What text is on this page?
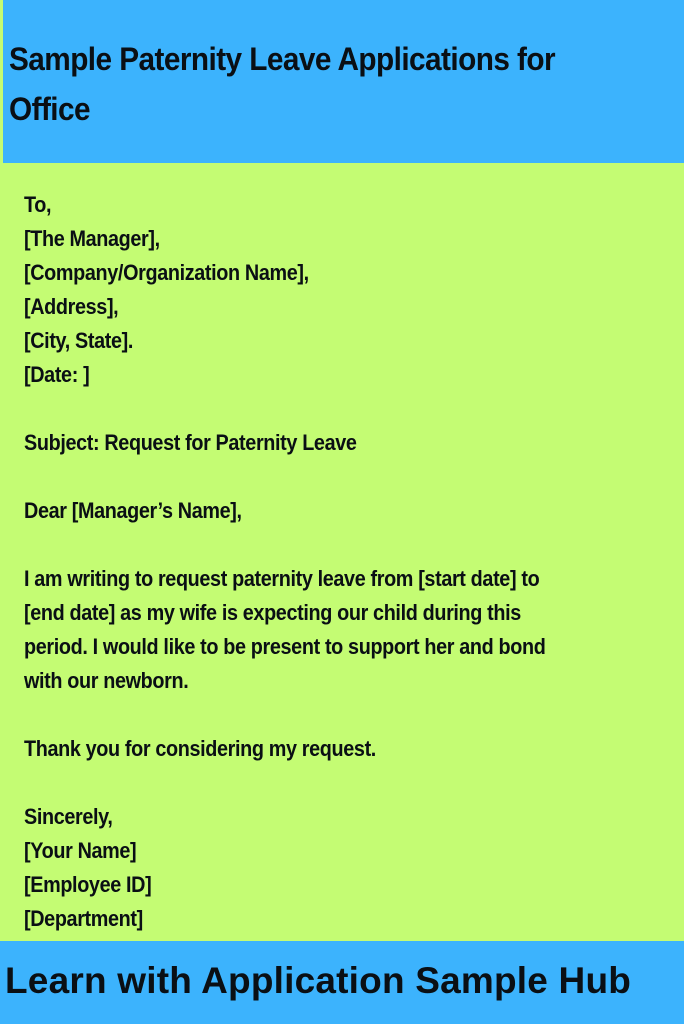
Sample Paternity Leave Applications for Office
To,
[The Manager],
[Company/Organization Name],
[Address],
[City, State].
[Date: ]
Subject: Request for Paternity Leave
Dear [Manager’s Name],
I am writing to request paternity leave from [start date] to
[end date] as my wife is expecting our child during this
period. I would like to be present to support her and bond
with our newborn.
Thank you for considering my request.
Sincerely,
[Your Name]
[Employee ID]
[Department]
Learn with Application Sample Hub
